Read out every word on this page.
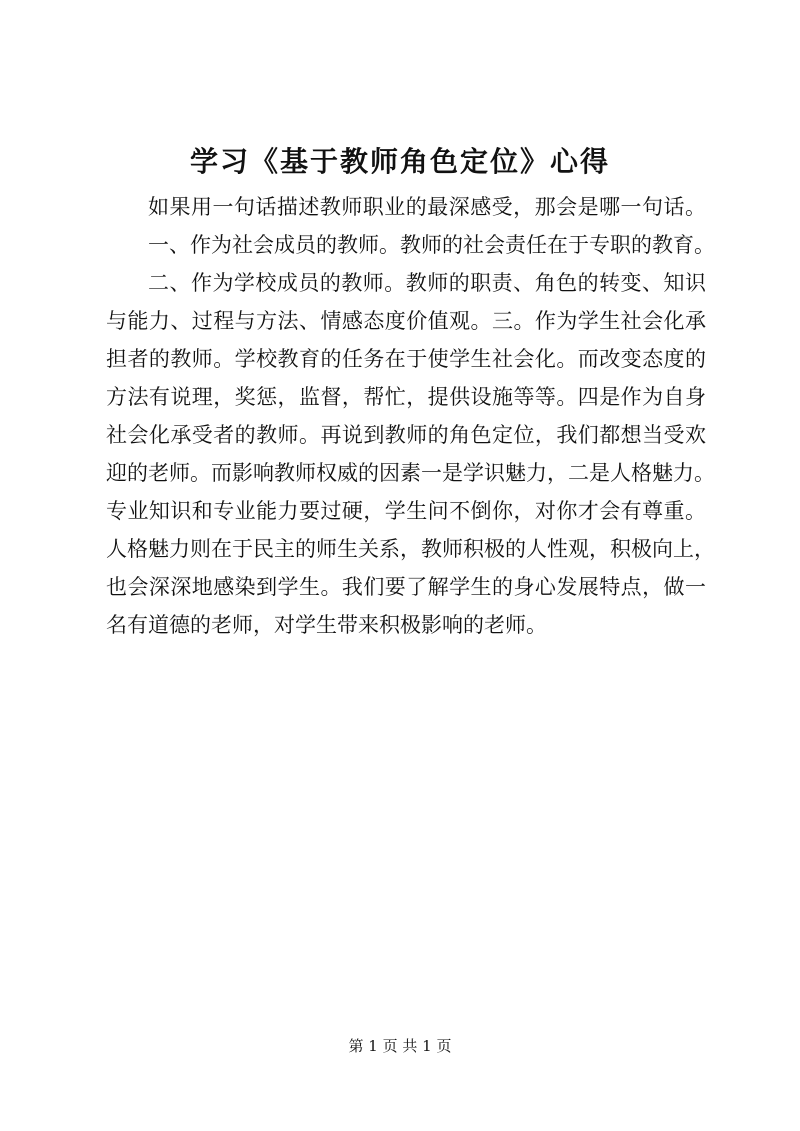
学习《基于教师角色定位》心得
如果用一句话描述教师职业的最深感受，那会是哪一句话。
一、作为社会成员的教师。教师的社会责任在于专职的教育。
二、作为学校成员的教师。教师的职责、角色的转变、知识
与能力、过程与方法、情感态度价值观。三。作为学生社会化承
担者的教师。学校教育的任务在于使学生社会化。而改变态度的
方法有说理，奖惩，监督，帮忙，提供设施等等。四是作为自身
社会化承受者的教师。再说到教师的角色定位，我们都想当受欢
迎的老师。而影响教师权威的因素一是学识魅力，二是人格魅力。
专业知识和专业能力要过硬，学生问不倒你，对你才会有尊重。
人格魅力则在于民主的师生关系，教师积极的人性观，积极向上，
也会深深地感染到学生。我们要了解学生的身心发展特点，做一
名有道德的老师，对学生带来积极影响的老师。
第 1 页 共 1 页
